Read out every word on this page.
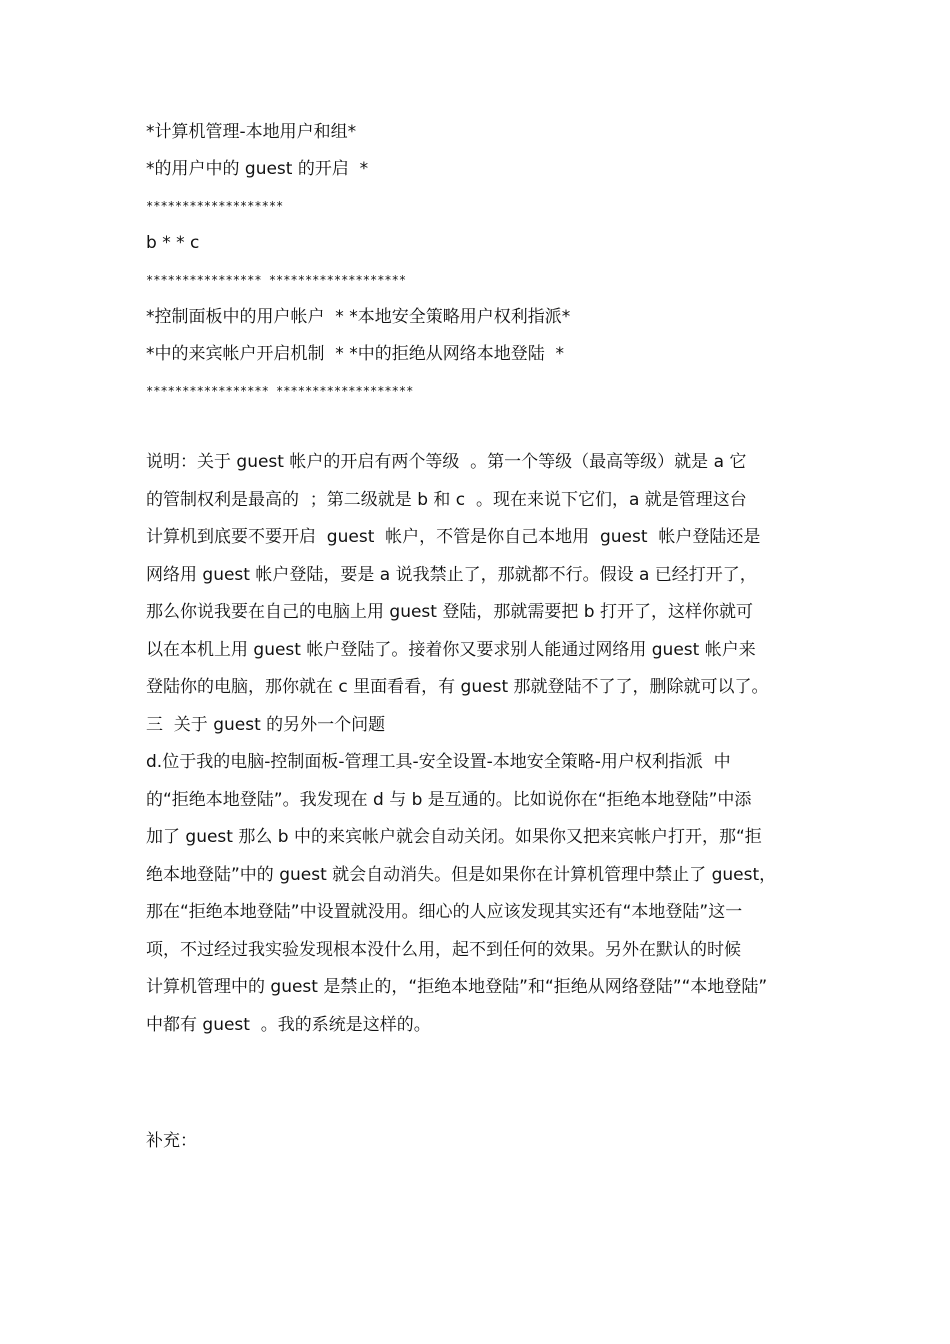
*计算机管理-本地用户和组*
*的用户中的 guest 的开启  *
*******************
b * * c
**************** *******************
*控制面板中的用户帐户  * *本地安全策略用户权利指派*
*中的来宾帐户开启机制  * *中的拒绝从网络本地登陆  *
***************** *******************
说明：关于 guest 帐户的开启有两个等级  。第一个等级（最高等级）就是 a 它
的管制权利是最高的  ；第二级就是 b 和 c  。现在来说下它们，a 就是管理这台
计算机到底要不要开启  guest  帐户，不管是你自己本地用  guest  帐户登陆还是
网络用 guest 帐户登陆，要是 a 说我禁止了，那就都不行。假设 a 已经打开了，
那么你说我要在自己的电脑上用 guest 登陆，那就需要把 b 打开了，这样你就可
以在本机上用 guest 帐户登陆了。接着你又要求别人能通过网络用 guest 帐户来
登陆你的电脑，那你就在 c 里面看看，有 guest 那就登陆不了了，删除就可以了。
三  关于 guest 的另外一个问题
d.位于我的电脑-控制面板-管理工具-安全设置-本地安全策略-用户权利指派  中
的“拒绝本地登陆”。我发现在 d 与 b 是互通的。比如说你在“拒绝本地登陆”中添
加了 guest 那么 b 中的来宾帐户就会自动关闭。如果你又把来宾帐户打开，那“拒
绝本地登陆”中的 guest 就会自动消失。但是如果你在计算机管理中禁止了 guest，
那在“拒绝本地登陆”中设置就没用。细心的人应该发现其实还有“本地登陆”这一
项，不过经过我实验发现根本没什么用，起不到任何的效果。另外在默认的时候
计算机管理中的 guest 是禁止的，“拒绝本地登陆”和“拒绝从网络登陆”“本地登陆”
中都有 guest  。我的系统是这样的。
补充：
